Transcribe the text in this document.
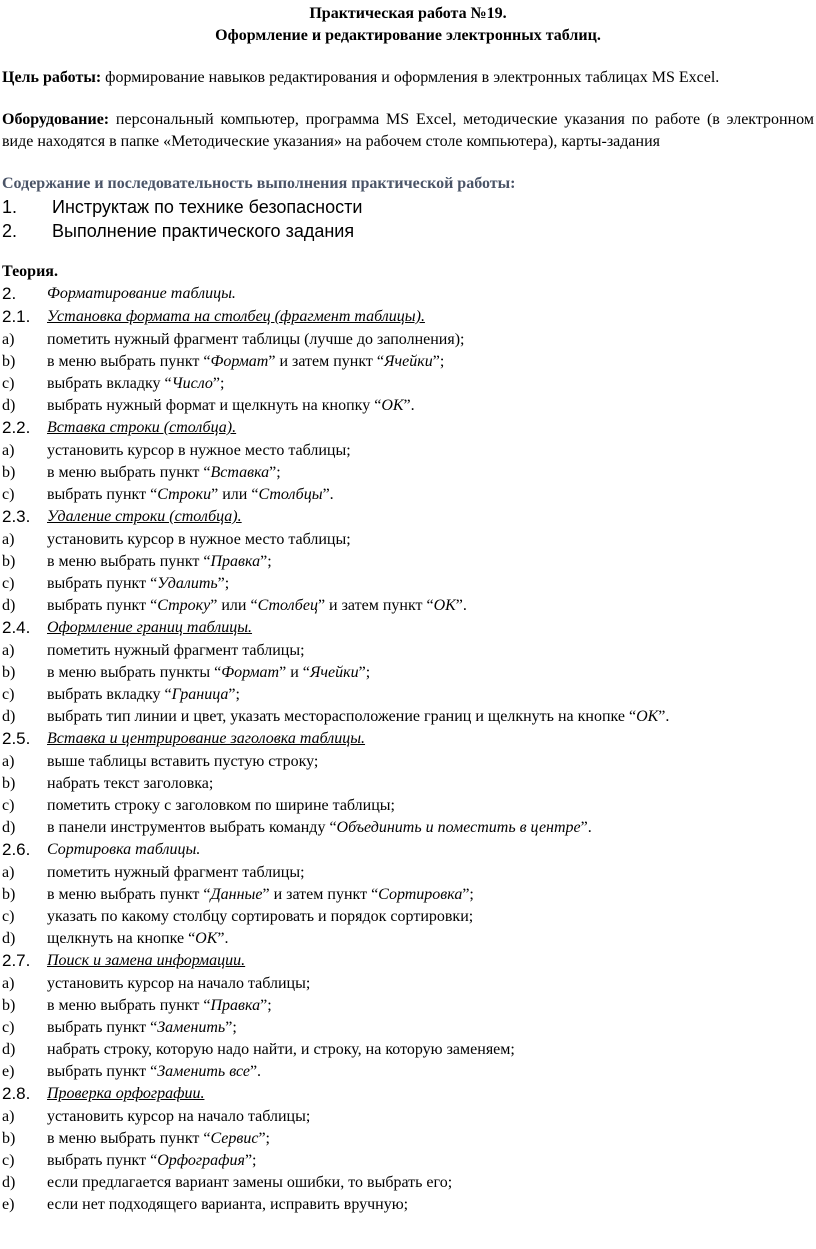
Практическая работа №19.
Оформление и редактирование электронных таблиц.
Цель работы: формирование навыков редактирования и оформления в электронных таблицах MS Excel.
Оборудование: персональный компьютер, программа MS Excel, методические указания по работе (в электронном виде находятся в папке «Методические указания» на рабочем столе компьютера), карты-задания
Содержание и последовательность выполнения практической работы:
1. Инструктаж по технике безопасности
2. Выполнение практического задания
Теория.
2. Форматирование таблицы.
2.1. Установка формата на столбец (фрагмент таблицы).
a) пометить нужный фрагмент таблицы (лучше до заполнения);
b) в меню выбрать пункт “Формат” и затем пункт “Ячейки”;
c) выбрать вкладку “Число”;
d) выбрать нужный формат и щелкнуть на кнопку “ОК”.
2.2. Вставка строки (столбца).
a) установить курсор в нужное место таблицы;
b) в меню выбрать пункт “Вставка”;
c) выбрать пункт “Строки” или “Столбцы”.
2.3. Удаление строки (столбца).
a) установить курсор в нужное место таблицы;
b) в меню выбрать пункт “Правка”;
c) выбрать пункт “Удалить”;
d) выбрать пункт “Строку” или “Столбец” и затем пункт “ОК”.
2.4. Оформление границ таблицы.
a) пометить нужный фрагмент таблицы;
b) в меню выбрать пункты “Формат” и “Ячейки”;
c) выбрать вкладку “Граница”;
d) выбрать тип линии и цвет, указать месторасположение границ и щелкнуть на кнопке “ОК”.
2.5. Вставка и центрирование заголовка таблицы.
a) выше таблицы вставить пустую строку;
b) набрать текст заголовка;
c) пометить строку с заголовком по ширине таблицы;
d) в панели инструментов выбрать команду “Объединить и поместить в центре”.
2.6. Сортировка таблицы.
a) пометить нужный фрагмент таблицы;
b) в меню выбрать пункт “Данные” и затем пункт “Сортировка”;
c) указать по какому столбцу сортировать и порядок сортировки;
d) щелкнуть на кнопке “ОК”.
2.7. Поиск и замена информации.
a) установить курсор на начало таблицы;
b) в меню выбрать пункт “Правка”;
c) выбрать пункт “Заменить”;
d) набрать строку, которую надо найти, и строку, на которую заменяем;
e) выбрать пункт “Заменить все”.
2.8. Проверка орфографии.
a) установить курсор на начало таблицы;
b) в меню выбрать пункт “Сервис”;
c) выбрать пункт “Орфография”;
d) если предлагается вариант замены ошибки, то выбрать его;
e) если нет подходящего варианта, исправить вручную;
